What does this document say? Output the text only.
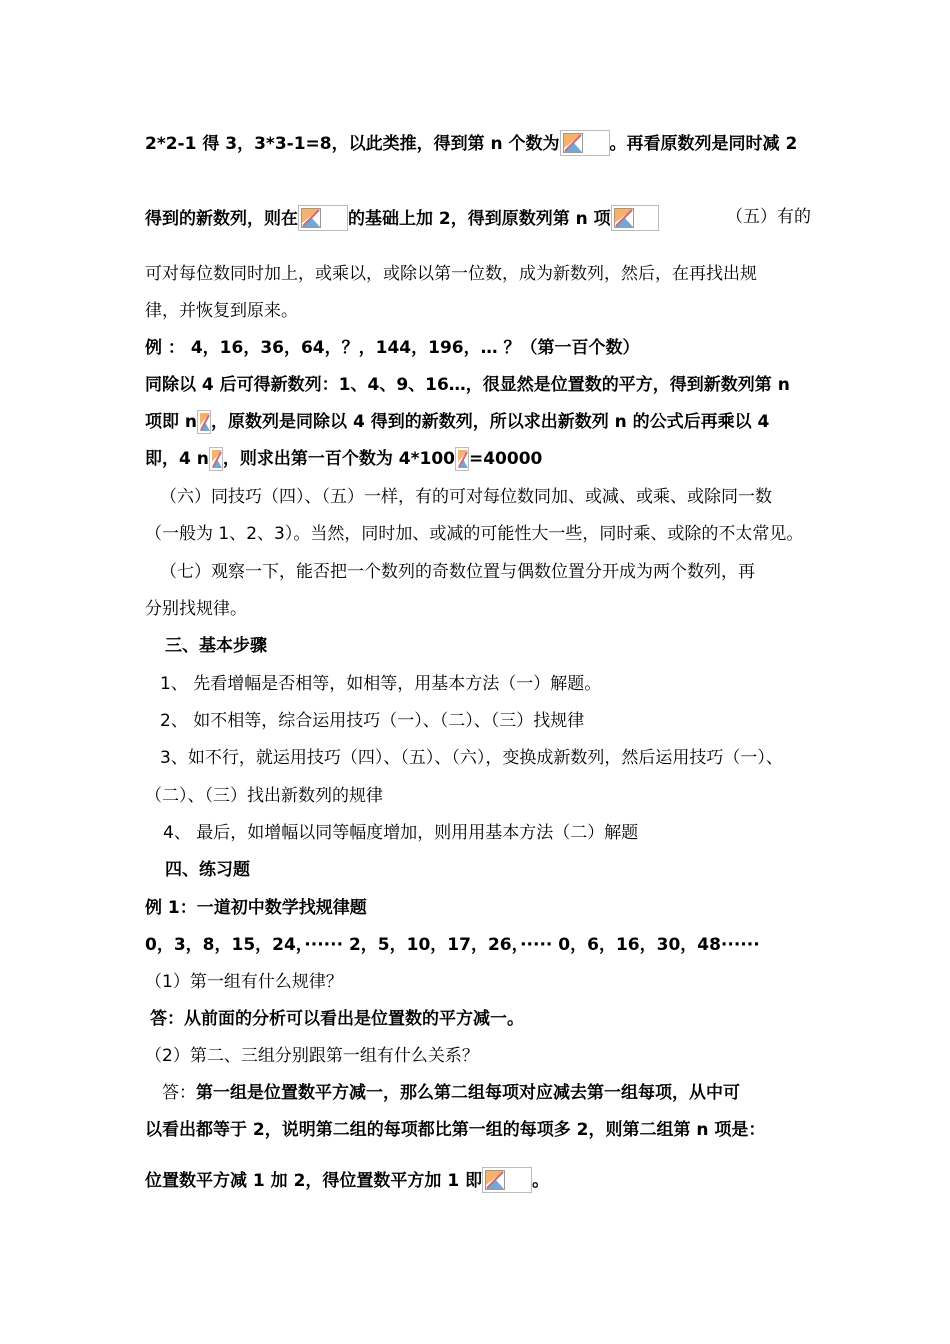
2*2-1 得 3，3*3-1=8，以此类推，得到第 n 个数为	。再看原数列是同时减 2
得到的新数列，则在	的基础上加 2，得到原数列第 n 项	（五）有的
可对每位数同时加上，或乘以，或除以第一位数，成为新数列，然后，在再找出规
律，并恢复到原来。
例 ： 4，16，36，64，？，144，196，… ？（第一百个数）
同除以 4 后可得新数列：1、4、9、16…，很显然是位置数的平方，得到新数列第 n
项即 n ，原数列是同除以 4 得到的新数列，所以求出新数列 n 的公式后再乘以 4
即，4 n ，则求出第一百个数为 4*100 =40000
（六）同技巧（四）、（五）一样，有的可对每位数同加、或减、或乘、或除同一数
（一般为 1、2、3）。当然，同时加、或减的可能性大一些，同时乘、或除的不太常见。
（七）观察一下，能否把一个数列的奇数位置与偶数位置分开成为两个数列，再
分别找规律。
三、基本步骤
1、 先看增幅是否相等，如相等，用基本方法（一）解题。
2、 如不相等，综合运用技巧（一）、（二）、（三）找规律
3、如不行，就运用技巧（四）、（五）、（六），变换成新数列，然后运用技巧（一）、
（二）、（三）找出新数列的规律
4、 最后，如增幅以同等幅度增加，则用用基本方法（二）解题
四、练习题
例 1：一道初中数学找规律题
0，3，8，15，24，······ 2，5，10，17，26，····· 0，6，16，30，48······
（1）第一组有什么规律？
答：从前面的分析可以看出是位置数的平方减一。
（2）第二、三组分别跟第一组有什么关系？
答：第一组是位置数平方减一，那么第二组每项对应减去第一组每项，从中可
以看出都等于 2，说明第二组的每项都比第一组的每项多 2，则第二组第 n 项是：
位置数平方减 1 加 2，得位置数平方加 1 即	。
